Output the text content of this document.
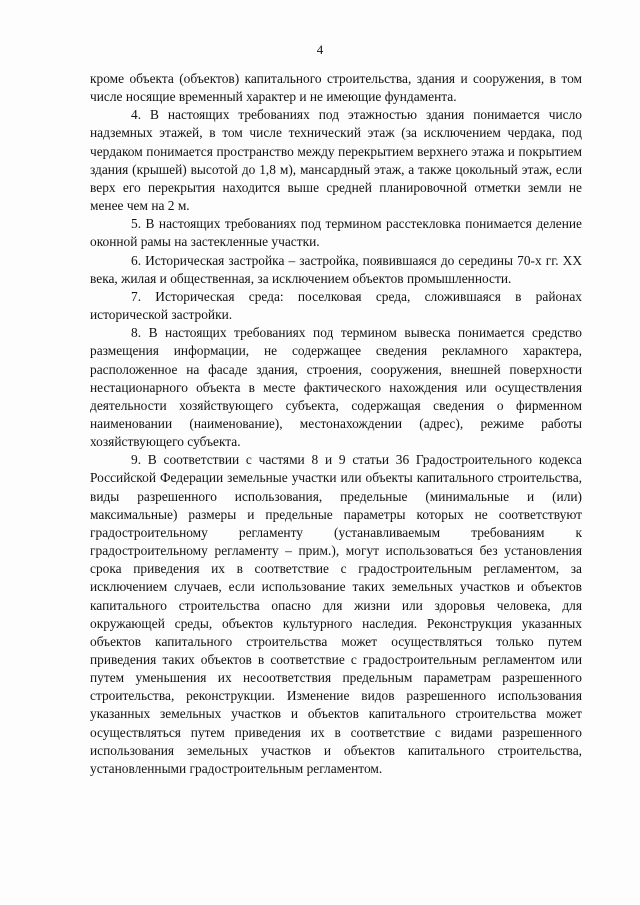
4

кроме объекта (объектов) капитального строительства, здания и сооружения, в том числе носящие временный характер и не имеющие фундамента.

4. В настоящих требованиях под этажностью здания понимается число надземных этажей, в том числе технический этаж (за исключением чердака, под чердаком понимается пространство между перекрытием верхнего этажа и покрытием здания (крышей) высотой до 1,8 м), мансардный этаж, а также цокольный этаж, если верх его перекрытия находится выше средней планировочной отметки земли не менее чем на 2 м.

5. В настоящих требованиях под термином расстекловка понимается деление оконной рамы на застекленные участки.

6. Историческая застройка – застройка, появившаяся до середины 70-х гг. XX века, жилая и общественная, за исключением объектов промышленности.

7. Историческая среда: поселковая среда, сложившаяся в районах исторической застройки.

8. В настоящих требованиях под термином вывеска понимается средство размещения информации, не содержащее сведения рекламного характера, расположенное на фасаде здания, строения, сооружения, внешней поверхности нестационарного объекта в месте фактического нахождения или осуществления деятельности хозяйствующего субъекта, содержащая сведения о фирменном наименовании (наименование), местонахождении (адрес), режиме работы хозяйствующего субъекта.

9. В соответствии с частями 8 и 9 статьи 36 Градостроительного кодекса Российской Федерации земельные участки или объекты капитального строительства, виды разрешенного использования, предельные (минимальные и (или) максимальные) размеры и предельные параметры которых не соответствуют градостроительному регламенту (устанавливаемым требованиям к градостроительному регламенту – прим.), могут использоваться без установления срока приведения их в соответствие с градостроительным регламентом, за исключением случаев, если использование таких земельных участков и объектов капитального строительства опасно для жизни или здоровья человека, для окружающей среды, объектов культурного наследия. Реконструкция указанных объектов капитального строительства может осуществляться только путем приведения таких объектов в соответствие с градостроительным регламентом или путем уменьшения их несоответствия предельным параметрам разрешенного строительства, реконструкции. Изменение видов разрешенного использования указанных земельных участков и объектов капитального строительства может осуществляться путем приведения их в соответствие с видами разрешенного использования земельных участков и объектов капитального строительства, установленными градостроительным регламентом.
